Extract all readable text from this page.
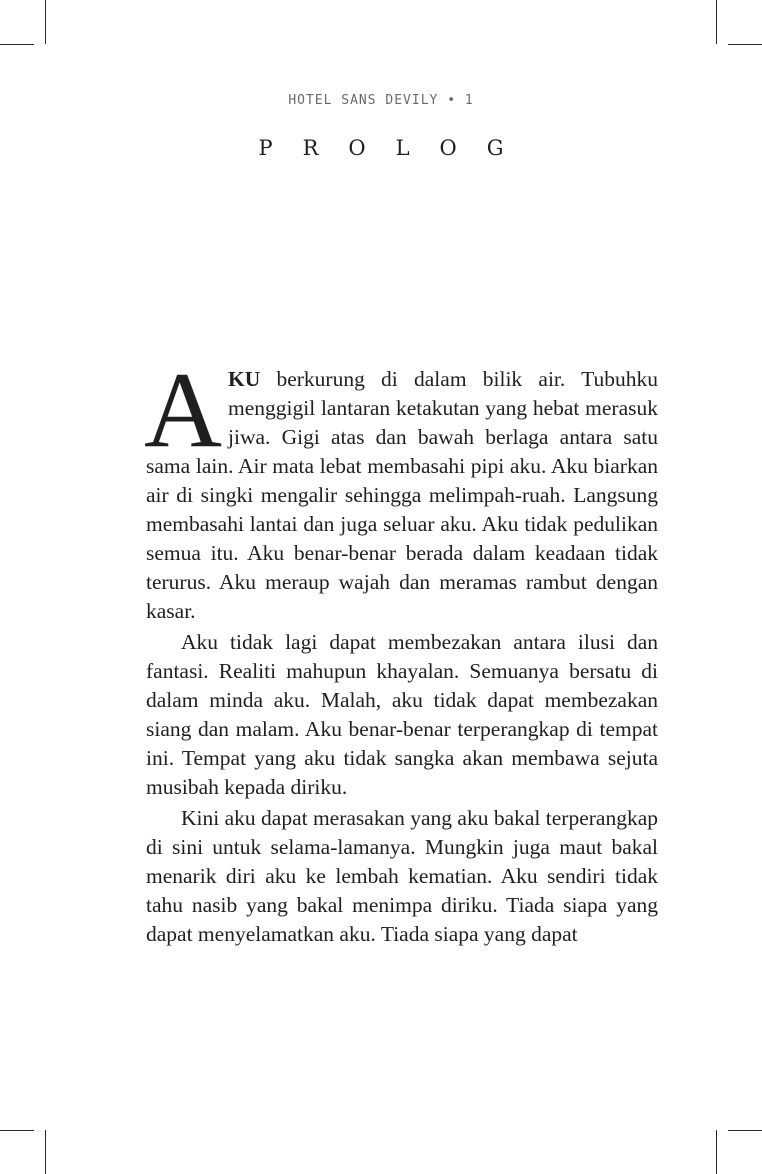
HOTEL SANS DEVILY • 1
PROLOG

AKU berkurung di dalam bilik air. Tubuhku menggigil lantaran ketakutan yang hebat merasuk jiwa. Gigi atas dan bawah berlaga antara satu sama lain. Air mata lebat membasahi pipi aku. Aku biarkan air di singki mengalir sehingga melimpah-ruah. Langsung membasahi lantai dan juga seluar aku. Aku tidak pedulikan semua itu. Aku benar-benar berada dalam keadaan tidak terurus. Aku meraup wajah dan meramas rambut dengan kasar.

Aku tidak lagi dapat membezakan antara ilusi dan fantasi. Realiti mahupun khayalan. Semuanya bersatu di dalam minda aku. Malah, aku tidak dapat membezakan siang dan malam. Aku benar-benar terperangkap di tempat ini. Tempat yang aku tidak sangka akan membawa sejuta musibah kepada diriku.

Kini aku dapat merasakan yang aku bakal terperangkap di sini untuk selama-lamanya. Mungkin juga maut bakal menarik diri aku ke lembah kematian. Aku sendiri tidak tahu nasib yang bakal menimpa diriku. Tiada siapa yang dapat menyelamatkan aku. Tiada siapa yang dapat
